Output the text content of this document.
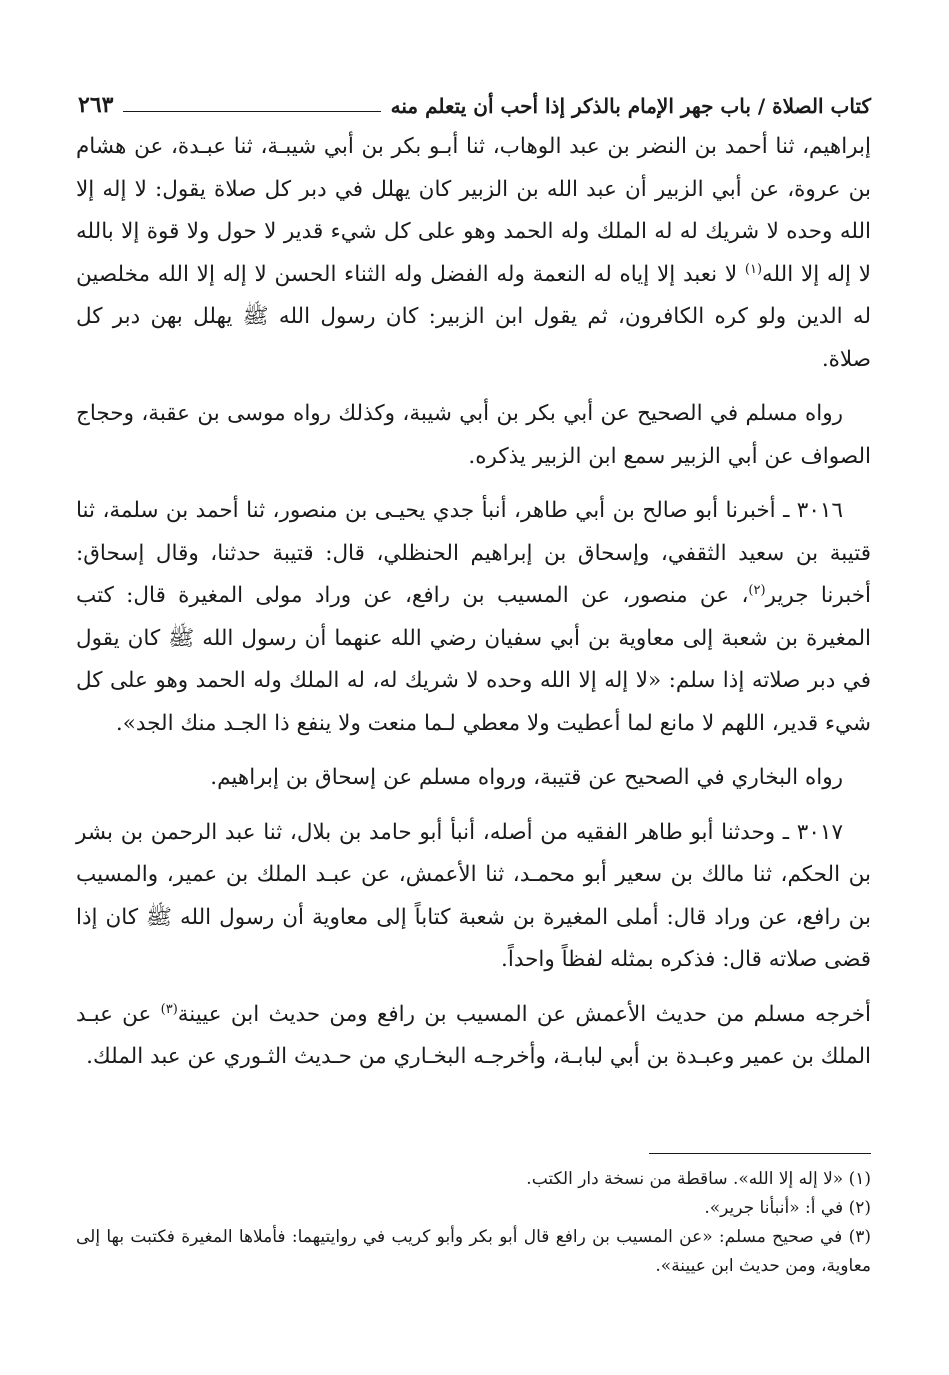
كتاب الصلاة / باب جهر الإمام بالذكر إذا أحب أن يتعلم منه
٢٦٣

إبراهيم، ثنا أحمد بن النضر بن عبد الوهاب، ثنا أبـو بكر بن أبي شيبـة، ثنا عبـدة، عن هشام بن عروة، عن أبي الزبير أن عبد الله بن الزبير كان يهلل في دبر كل صلاة يقول: لا إله إلا الله وحده لا شريك له له الملك وله الحمد وهو على كل شيء قدير لا حول ولا قوة إلا بالله لا إله إلا الله$^{(١)}$ لا نعبد إلا إياه له النعمة وله الفضل وله الثناء الحسن لا إله إلا الله مخلصين له الدين ولو كره الكافرون، ثم يقول ابن الزبير: كان رسول الله ﷺ يهلل بهن دبر كل صلاة.

رواه مسلم في الصحيح عن أبي بكر بن أبي شيبة، وكذلك رواه موسى بن عقبة، وحجاج الصواف عن أبي الزبير سمع ابن الزبير يذكره.

٣٠١٦ ـ أخبرنا أبو صالح بن أبي طاهر، أنبأ جدي يحيـى بن منصور، ثنا أحمد بن سلمة، ثنا قتيبة بن سعيد الثقفي، وإسحاق بن إبراهيم الحنظلي، قال: قتيبة حدثنا، وقال إسحاق: أخبرنا جرير$^{(٢)}$، عن منصور، عن المسيب بن رافع، عن وراد مولى المغيرة قال: كتب المغيرة بن شعبة إلى معاوية بن أبي سفيان رضي الله عنهما أن رسول الله ﷺ كان يقول في دبر صلاته إذا سلم: «لا إله إلا الله وحده لا شريك له، له الملك وله الحمد وهو على كل شيء قدير، اللهم لا مانع لما أعطيت ولا معطي لـما منعت ولا ينفع ذا الجـد منك الجد».

رواه البخاري في الصحيح عن قتيبة، ورواه مسلم عن إسحاق بن إبراهيم.

٣٠١٧ ـ وحدثنا أبو طاهر الفقيه من أصله، أنبأ أبو حامد بن بلال، ثنا عبد الرحمن بن بشر بن الحكم، ثنا مالك بن سعير أبو محمـد، ثنا الأعمش، عن عبـد الملك بن عمير، والمسيب بن رافع، عن وراد قال: أملى المغيرة بن شعبة كتاباً إلى معاوية أن رسول الله ﷺ كان إذا قضى صلاته قال: فذكره بمثله لفظاً واحداً.

أخرجه مسلم من حديث الأعمش عن المسيب بن رافع ومن حديث ابن عيينة$^{(٣)}$ عن عبـد الملك بن عمير وعبـدة بن أبي لبابـة، وأخرجـه البخـاري من حـديث الثـوري عن عبد الملك.

(١) «لا إله إلا الله». ساقطة من نسخة دار الكتب.

(٢) في أ: «أنبأنا جرير».

(٣) في صحيح مسلم: «عن المسيب بن رافع قال أبو بكر وأبو كريب في روايتيهما: فأملاها المغيرة فكتبت بها إلى معاوية، ومن حديث ابن عيينة».
